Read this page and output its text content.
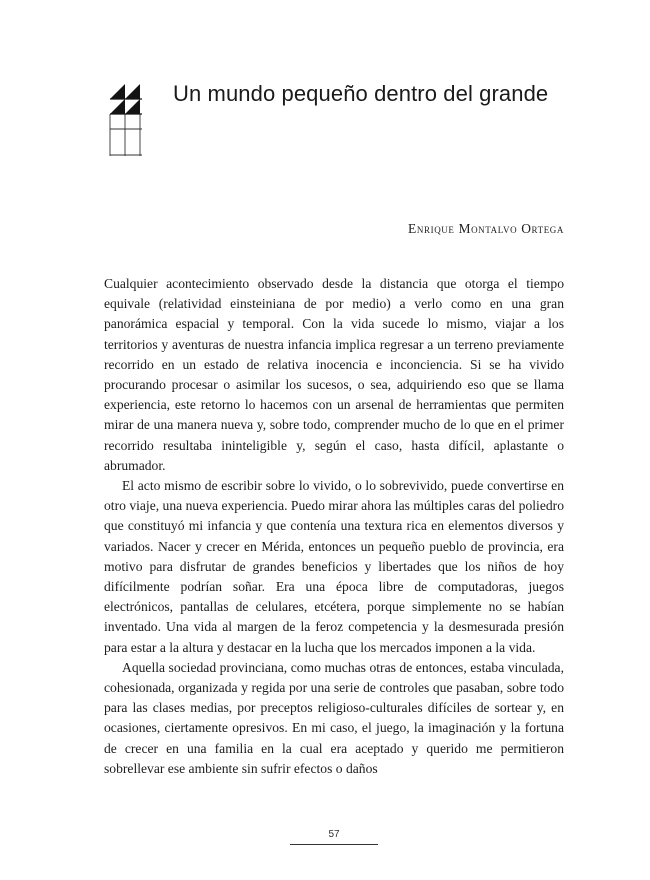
Un mundo pequeño dentro del grande
Enrique Montalvo Ortega

Cualquier acontecimiento observado desde la distancia que otorga el tiempo equivale (relatividad einsteiniana de por medio) a verlo como en una gran panorámica espacial y temporal. Con la vida sucede lo mismo, viajar a los territorios y aventuras de nuestra infancia implica regresar a un terreno previamente recorrido en un estado de relativa inocencia e inconciencia. Si se ha vivido procurando procesar o asimilar los sucesos, o sea, adquiriendo eso que se llama experiencia, este retorno lo hacemos con un arsenal de herramientas que permiten mirar de una manera nueva y, sobre todo, comprender mucho de lo que en el primer recorrido resultaba ininteligible y, según el caso, hasta difícil, aplastante o abrumador.

El acto mismo de escribir sobre lo vivido, o lo sobrevivido, puede convertirse en otro viaje, una nueva experiencia. Puedo mirar ahora las múltiples caras del poliedro que constituyó mi infancia y que contenía una textura rica en elementos diversos y variados. Nacer y crecer en Mérida, entonces un pequeño pueblo de provincia, era motivo para disfrutar de grandes beneficios y libertades que los niños de hoy difícilmente podrían soñar. Era una época libre de computadoras, juegos electrónicos, pantallas de celulares, etcétera, porque simplemente no se habían inventado. Una vida al margen de la feroz competencia y la desmesurada presión para estar a la altura y destacar en la lucha que los mercados imponen a la vida.

Aquella sociedad provinciana, como muchas otras de entonces, estaba vinculada, cohesionada, organizada y regida por una serie de controles que pasaban, sobre todo para las clases medias, por preceptos religioso-culturales difíciles de sortear y, en ocasiones, ciertamente opresivos. En mi caso, el juego, la imaginación y la fortuna de crecer en una familia en la cual era aceptado y querido me permitieron sobrellevar ese ambiente sin sufrir efectos o daños

57
